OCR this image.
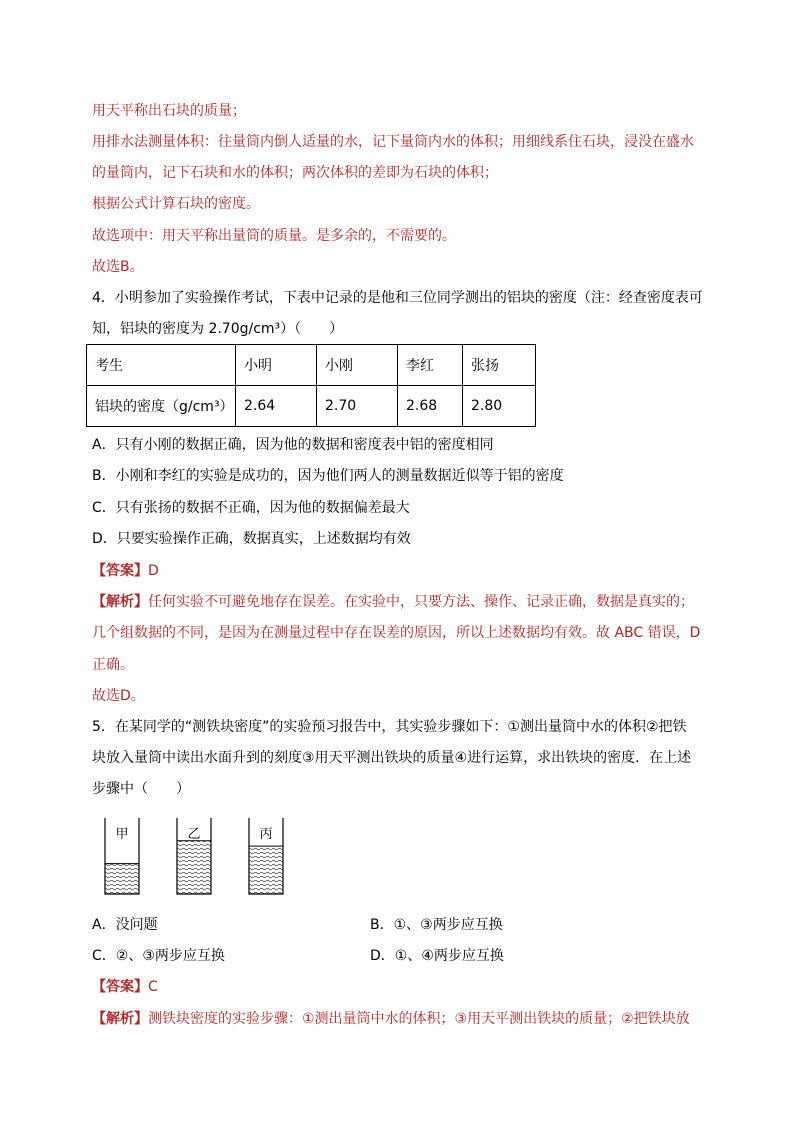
用天平称出石块的质量；
用排水法测量体积：往量筒内倒人适量的水，记下量筒内水的体积；用细线系住石块，浸没在盛水
的量筒内，记下石块和水的体积；两次体积的差即为石块的体积；
根据公式计算石块的密度。
故选项中：用天平称出量筒的质量。是多余的，不需要的。
故选B。
4．小明参加了实验操作考试，下表中记录的是他和三位同学测出的铝块的密度（注：经查密度表可
知，铝块的密度为 2.70g/cm³）（　　）
考生	小明	小刚	李红	张扬
铝块的密度（g/cm³）	2.64	2.70	2.68	2.80
A．只有小刚的数据正确，因为他的数据和密度表中铝的密度相同
B．小刚和李红的实验是成功的，因为他们两人的测量数据近似等于铝的密度
C．只有张扬的数据不正确，因为他的数据偏差最大
D．只要实验操作正确，数据真实，上述数据均有效
【答案】D
【解析】任何实验不可避免地存在误差。在实验中，只要方法、操作、记录正确，数据是真实的；
几个组数据的不同，是因为在测量过程中存在误差的原因，所以上述数据均有效。故 ABC 错误，D
正确。
故选D。
5．在某同学的“测铁块密度”的实验预习报告中，其实验步骤如下：①测出量筒中水的体积②把铁
块放入量筒中读出水面升到的刻度③用天平测出铁块的质量④进行运算，求出铁块的密度．在上述
步骤中（　　）
甲	乙	丙
A．没问题	B．①、③两步应互换
C．②、③两步应互换	D．①、④两步应互换
【答案】C
【解析】测铁块密度的实验步骤：①测出量筒中水的体积；③用天平测出铁块的质量；②把铁块放
